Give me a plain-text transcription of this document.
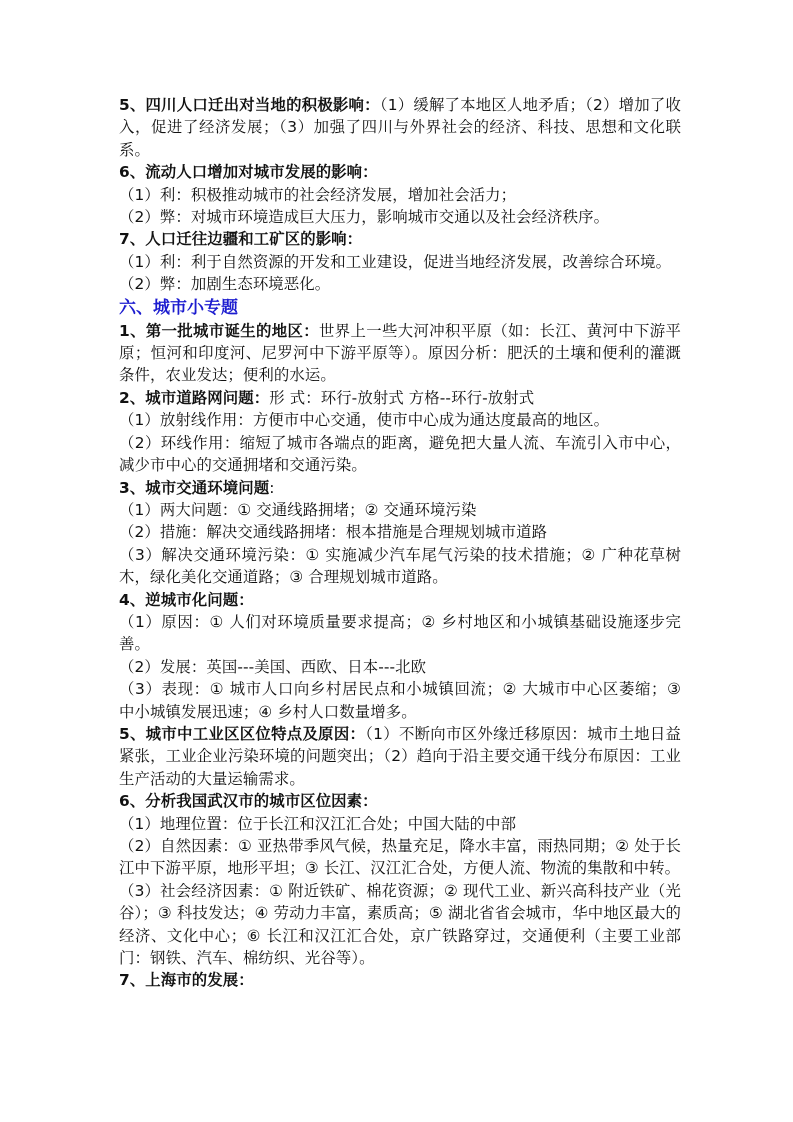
5、四川人口迁出对当地的积极影响：（1）缓解了本地区人地矛盾；（2）增加了收入，促进了经济发展；（3）加强了四川与外界社会的经济、科技、思想和文化联系。

6、流动人口增加对城市发展的影响：

（1）利：积极推动城市的社会经济发展，增加社会活力；

（2）弊：对城市环境造成巨大压力，影响城市交通以及社会经济秩序。

7、人口迁往边疆和工矿区的影响：

（1）利：利于自然资源的开发和工业建设，促进当地经济发展，改善综合环境。

（2）弊：加剧生态环境恶化。

六、城市小专题

1、第一批城市诞生的地区：世界上一些大河冲积平原（如：长江、黄河中下游平原；恒河和印度河、尼罗河中下游平原等）。原因分析：肥沃的土壤和便利的灌溉条件，农业发达；便利的水运。

2、城市道路网问题：形 式：环行-放射式 方格--环行-放射式

（1）放射线作用：方便市中心交通，使市中心成为通达度最高的地区。

（2）环线作用：缩短了城市各端点的距离，避免把大量人流、车流引入市中心，减少市中心的交通拥堵和交通污染。

3、城市交通环境问题:

（1）两大问题：① 交通线路拥堵；② 交通环境污染

（2）措施：解决交通线路拥堵：根本措施是合理规划城市道路

（3）解决交通环境污染：① 实施减少汽车尾气污染的技术措施；② 广种花草树木，绿化美化交通道路；③ 合理规划城市道路。

4、逆城市化问题：

（1）原因：① 人们对环境质量要求提高；② 乡村地区和小城镇基础设施逐步完善。

（2）发展：英国---美国、西欧、日本---北欧

（3）表现：① 城市人口向乡村居民点和小城镇回流；② 大城市中心区萎缩；③ 中小城镇发展迅速；④ 乡村人口数量增多。

5、城市中工业区区位特点及原因：（1）不断向市区外缘迁移原因：城市土地日益紧张，工业企业污染环境的问题突出；（2）趋向于沿主要交通干线分布原因：工业生产活动的大量运输需求。

6、分析我国武汉市的城市区位因素：

（1）地理位置：位于长江和汉江汇合处；中国大陆的中部

（2）自然因素：① 亚热带季风气候，热量充足，降水丰富，雨热同期；② 处于长江中下游平原，地形平坦；③ 长江、汉江汇合处，方便人流、物流的集散和中转。

（3）社会经济因素：① 附近铁矿、棉花资源；② 现代工业、新兴高科技产业（光谷）；③ 科技发达；④ 劳动力丰富，素质高；⑤ 湖北省省会城市，华中地区最大的经济、文化中心；⑥ 长江和汉江汇合处，京广铁路穿过，交通便利（主要工业部门：钢铁、汽车、棉纺织、光谷等）。

7、上海市的发展：
